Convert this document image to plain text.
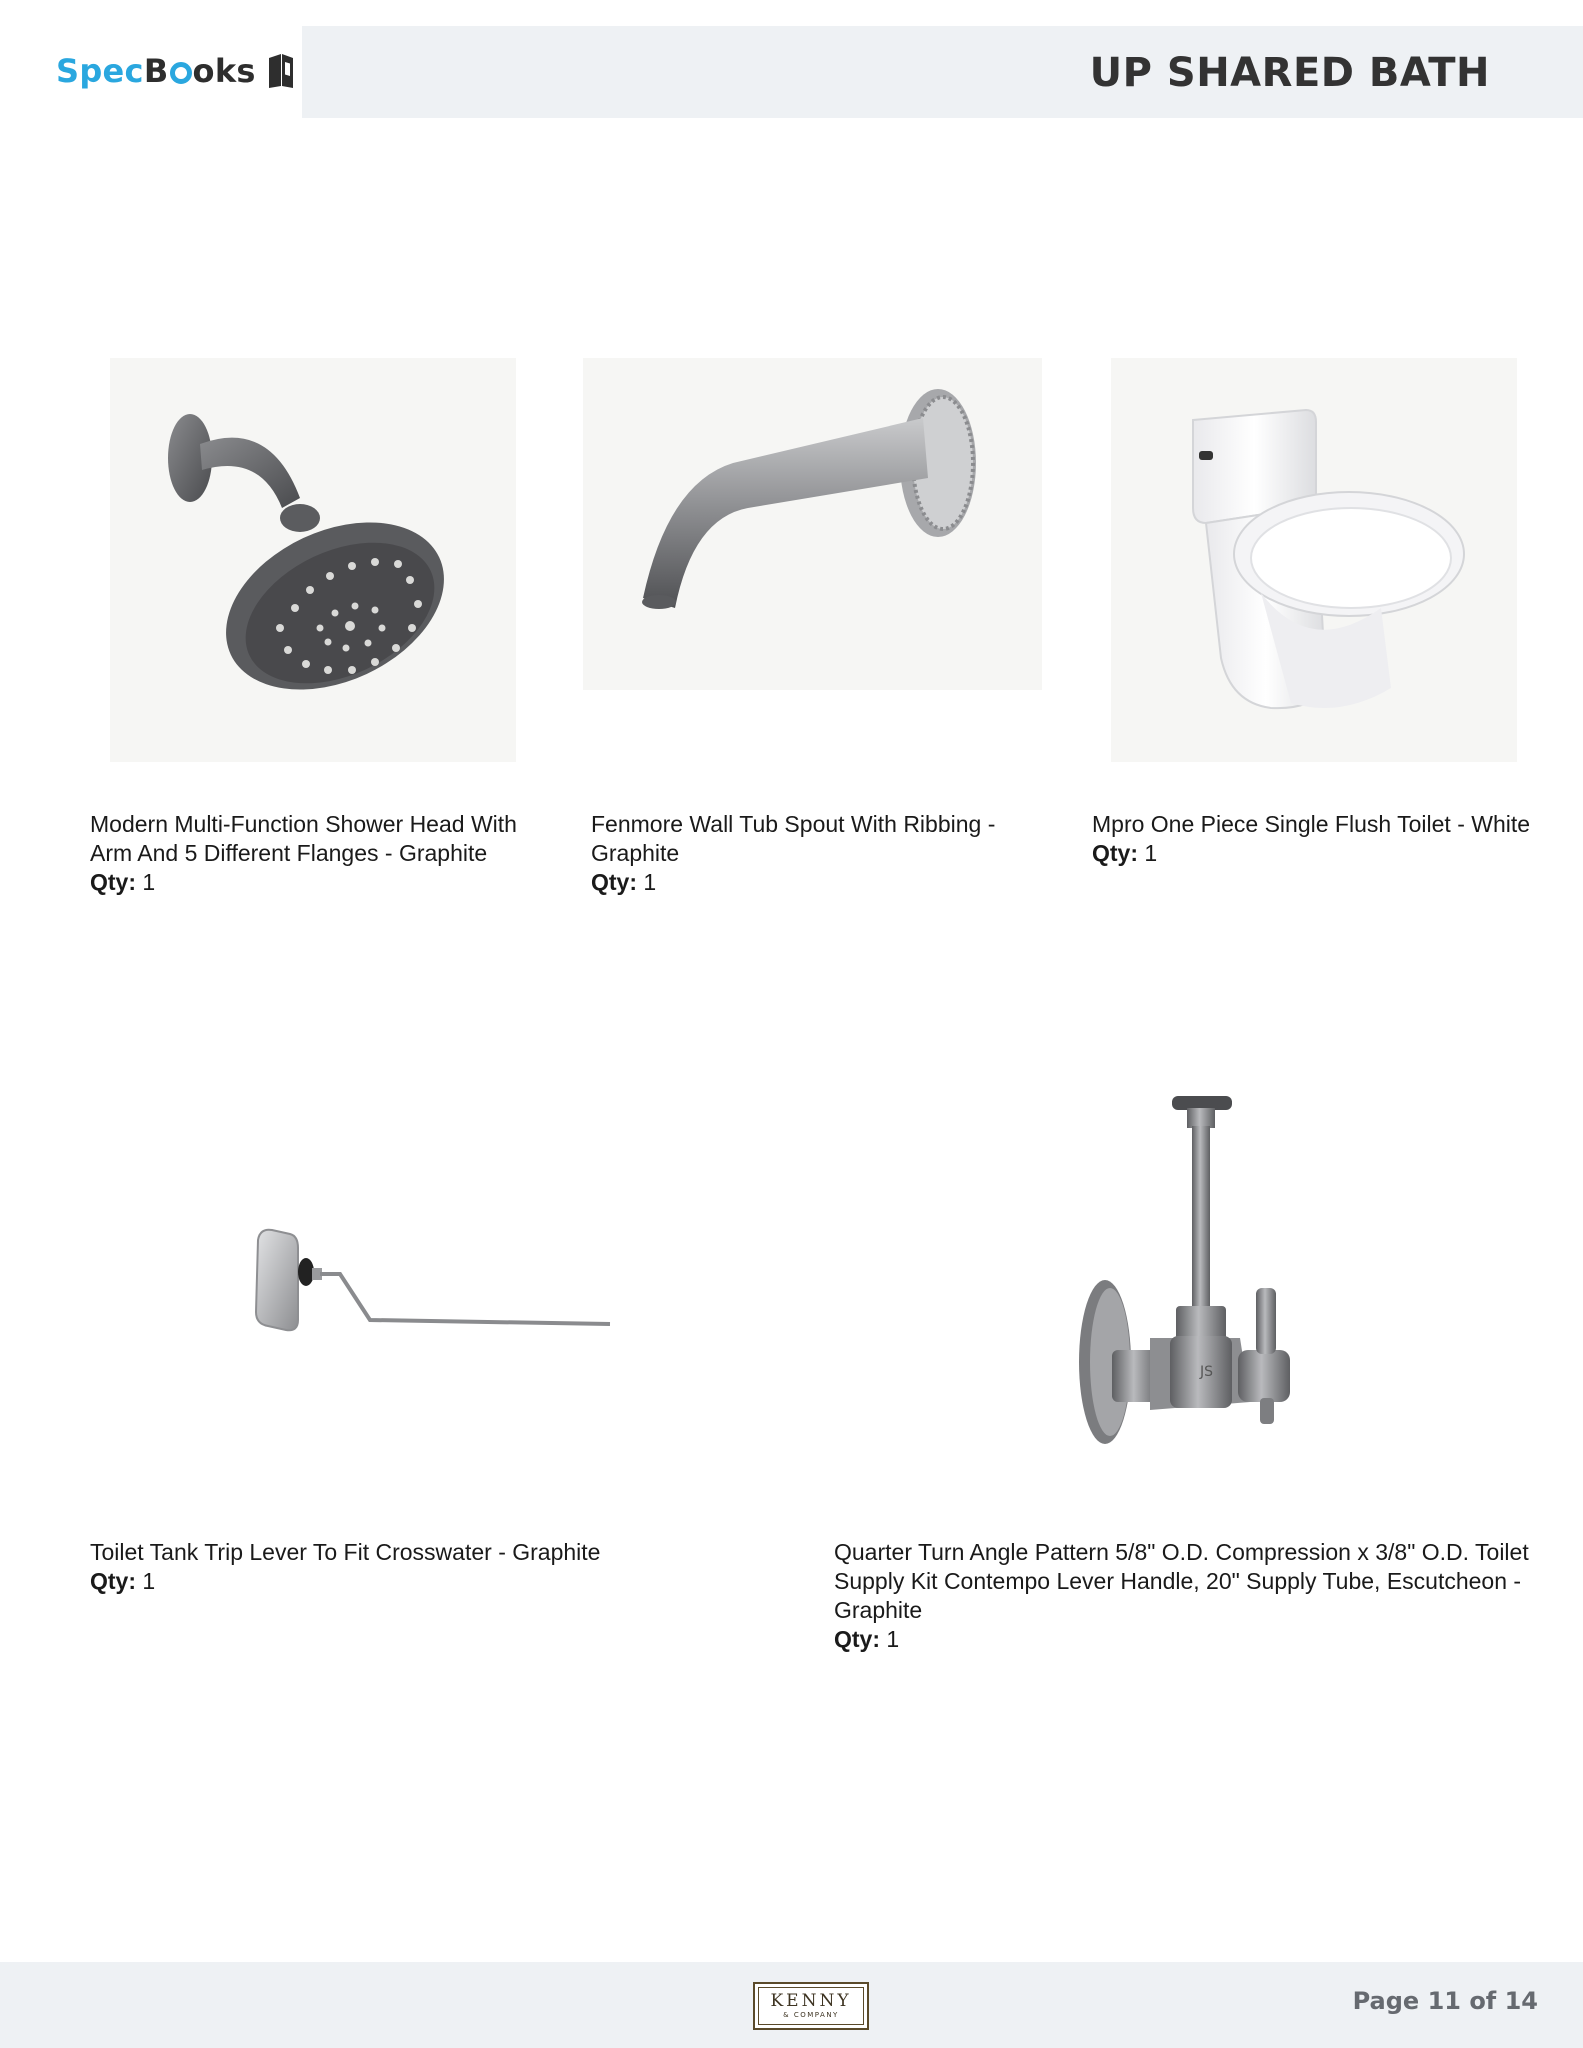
SpecB oks	UP SHARED BATH
Modern Multi-Function Shower Head With Arm And 5 Different Flanges - Graphite
Qty: 1
Fenmore Wall Tub Spout With Ribbing - Graphite
Qty: 1
Mpro One Piece Single Flush Toilet - White
Qty: 1
Toilet Tank Trip Lever To Fit Crosswater - Graphite
Qty: 1
JS
Quarter Turn Angle Pattern 5/8" O.D. Compression x 3/8" O.D. Toilet Supply Kit Contempo Lever Handle, 20" Supply Tube, Escutcheon - Graphite
Qty: 1
KENNY
& COMPANY	Page 11 of 14
